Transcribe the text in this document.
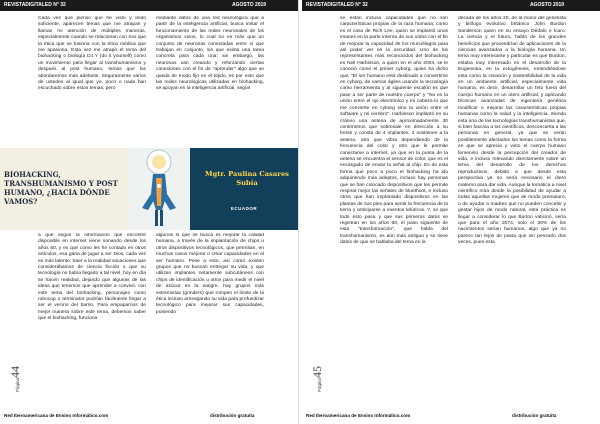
REVISTADIGITALED N° 32	AGOSTO 2019
Cada vez que pienso que he visto y leído suficiente, aparecen temas que me atrapan y llaman mi atención de múltiples maneras, especialmente cuando se relacionan con eso que la ética que se fusiona con la ética médica que me apasiona. Esta vez me atrapó el tema del biohacking o biología D.I.Y (do it yourself) como un movimiento para llegar al transhumanismo y después al post humano, temas que los abordaremos más adelante. Seguramente varios de ustedes al igual que yo, poco o nada han escuchado sobre estos temas, pero
mediante datos de una red neurológica que a partir de la inteligencia artificial, busca imitar el funcionamiento de las redes neuronales de los organismos vivos, lo cual no es más que un conjunto de neuronas conectadas entre sí que trabajan en conjunto, sin que exista una tarea concreta para cada una; sin embargo, las neuronas van creando y reforzando ciertas conexiones con el fin de "aprender" algo que se queda de modo fijo en el tejido, es por esto que las redes neurológicas utilizadas en biohacking, se apoyan en la inteligencia artificial, según
BIOHACKING, TRANSHUMANISMO Y POST HUMANO, ¿HACIA DÓNDE VAMOS?
Mgtr. Paulina Casares Subía
ECUADOR
a que según la información que encontré disponible en internet viene sonando desde los años 60, y es que como les he contado en otros artículos, esa gana de jugar a ser Dios, cada vez es más latente, traer a la realidad situaciones que considerábamos de ciencia ficción o que su tecnología no había llegado a tal nivel, hoy en día se hacen realidad, dejando que algunas de las ideas que tenemos que aprender a convivir, con este tema del biohacking, personajes como robocop o terminator podrían fácilmente llegar a ser el vecino del barrio. Para empaparnos de mejor manera sobre este tema, debemos saber que el biohacking, funciona
algunos lo que se busca es mejorar la calidad humana, a través de la implantación de chips u otros dispositivos tecnológicos, que permitan, en muchos casos mejorar o crear capacidades en el ser humano. Pese a esto, así como existen grupos que no buscan entregar su vida, y que utilizan implantes netamente subcutáneos con chips de identificación u otros para medir el nivel de azúcar en la sangre, hay grupos más extremistas (grinders) que rompen el límite de la ética incluso arriesgando su vida para profundizar tecnológico para mejorar sus capacidades, poniendo
Página44
Red Iberoamericana de Ensino Informático.com	distribución gratuita
REVISTADIGITALED N° 32	AGOSTO 2019
se están incluso capacidades que no son características propias de la raza humana; como es el caso de Rich Lee, quien se implantó unos imanes en la parte interna de sus oídos con el fin de mejorar la capacidad de los murciélagos para así poder ver en la oscuridad. Uno de los representantes más reconocidos del biohacking es Neil Harbisson, a quien en el año 2004, se le conoció como el primer cyborg, quien ha dicho que, "El ser humano está destinado a convertirse en cyborg, de vamos ágiles usando la tecnología como herramienta y al siguiente escalón es que pase a ser parte de nuestro cuerpo" y "No es la unión entre el ojo electrónico y mi cabeza lo que me convierte en cyborg sino la unión entre el software y mi cerebro". Harbisson implantó en su cráneo una antena de aproximadamente 30 centímetros que sobresale en dirección a su frente y consta de 4 implantes, 2 sostienen a la antena, otro que vibra dependiendo de la frecuencia del color y otro que le permite conectarse a internet, ya que en la punta de la antena se encuentra el sensor de color, que es el encargado de enviar la señal al chip. Es de esta forma que poco a poco el biohacking ha ido adquiriendo más adeptos, incluso hay personas que se han colocado dispositivos que les permite respirar mejor las señales de bluethoot, e incluso otros que han implantado dispositivos en las plantas de sus pies para sentir la frecuencia de la tierra y anticiparse a eventos telúricos. Y, se que todo esto pasa y que sus primeros datos se registran en los años 60, el paso siguiente de esta "transformación", que habla del transhumanismo, es aún más antiguo y se tiene datos de que se hablaba del tema en la
década de los años 20, de la mano del genetista y biólogo evolutivo británico John Burdon Sanderson quien en su ensayo Dédalo e Ícaro: La ciencia y el futuro, habló de los grandes beneficios que provendrían de aplicaciones de la ciencias avanzadas a la biología humana. Un tema muy interesante y particular es que Burdon, estaba muy interesado en el desarrollo de la Eugenesia, en la ectogénesis, entendiéndose esta como la creación y sostenibilidad de la vida en un ambiente artificial, especialmente vida humana, es decir, desarrollar un feto fuera del cuerpo humano en un útero artificial, y aplicando técnicas avanzadas de ingeniería genética modificar o mejorar las características propias humanas como la salud y la inteligencia. Siendo esta una de las tecnologías transhumanistas que, si bien fascina a los científicos, desconcierta a las personas en general, ya que se verán posiblemente afectados los temas como la forma en que se aprecia y visto el cuerpo humano femenino desde la percepción del creador de vida, e incluso relevando directamente sobre un tema del desarrollo de los derechos reproductivos, debido a que desde esta perspectiva ya no sería necesario el útero materno para dar vida. Aunque la temática a nivel científico mira desde la posibilidad de ayudar a todas aquellas mujeres que de modo prematuro, o de ayudar a madres que no pueden concebir y gestar hijos de modo natural, esta práctica es llegar a considerar lo que Burton vaticinó, sería que para el año 2074, solo el 30% de los nacimientos serían humanos, algo que ya no parece tan lejos de pasta que sin pensarlo dos veces, pues esta
Página45
Red Iberoamericana de Ensino Informático.com	distribución gratuita
